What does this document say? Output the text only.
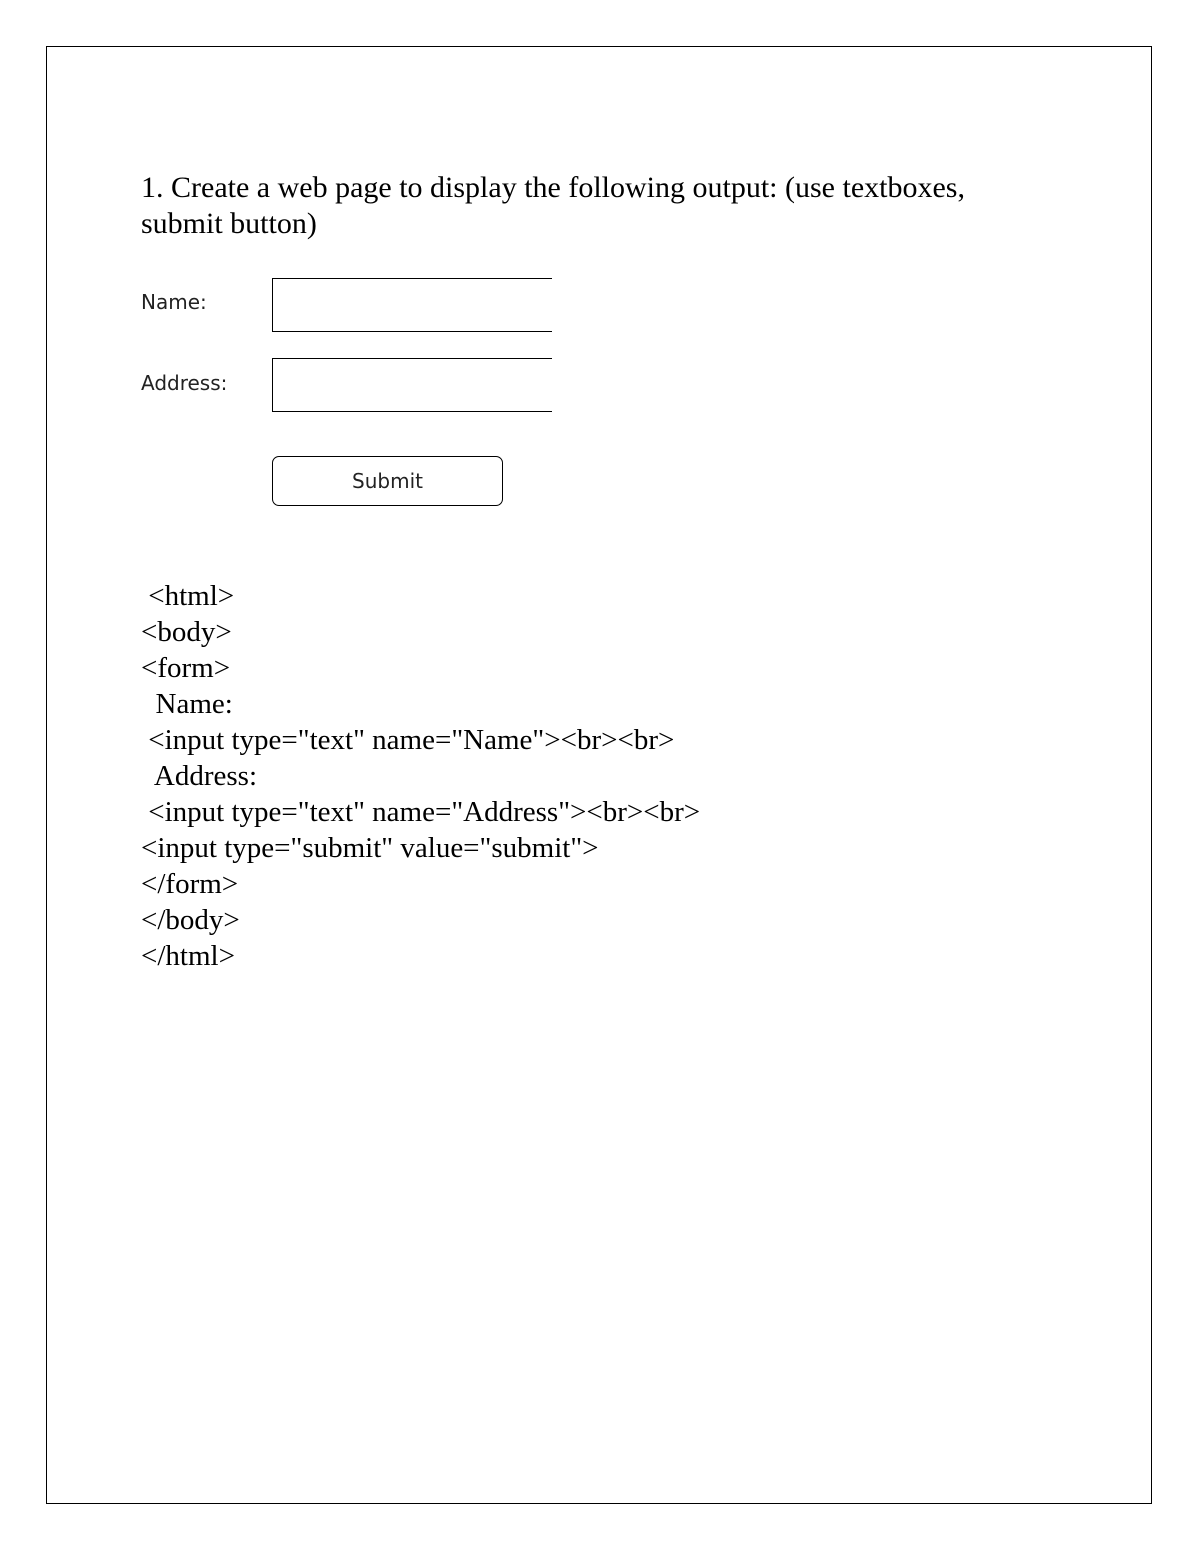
1. Create a web page to display the following output: (use textboxes, submit button)

Name:
Address:
Submit
<html>
<body>
<form>
Name:
<input type="text" name="Name"><br><br>
Address:
<input type="text" name="Address"><br><br>
<input type="submit" value="submit">
</form>
</body>
</html>
